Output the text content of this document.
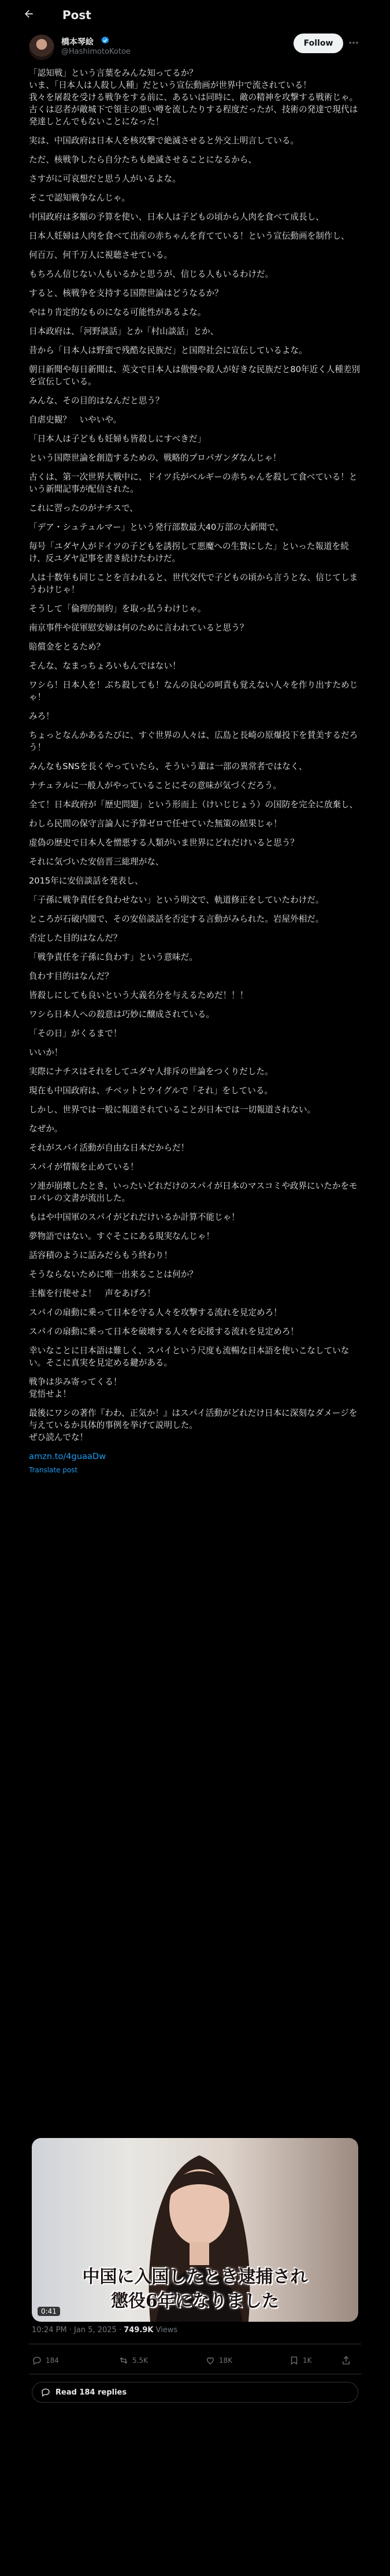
Post
橋本琴絵
@HashimotoKotoe
Follow

「認知戦」という言葉をみんな知ってるか？
いま、「日本人は人殺し人種」だという宣伝動画が世界中で流されている！
我々を屠殺を受ける戦争をする前に、あるいは同時に、敵の精神を攻撃する戦術じゃ。
古くは忍者が敵城下で領主の悪い噂を流したりする程度だったが、技術の発達で現代は発達しとんでもないことになった！

実は、中国政府は日本人を核攻撃で絶滅させると外交上明言している。

ただ、核戦争したら自分たちも絶滅させることになるから、

さすがに可哀想だと思う人がいるよな。

そこで認知戦争なんじゃ。

中国政府は多額の予算を使い、日本人は子どもの頃から人肉を食べて成長し、

日本人妊婦は人肉を食べて出産の赤ちゃんを育てている！という宣伝動画を制作し、

何百万、何千万人に視聴させている。

もちろん信じない人もいるかと思うが、信じる人もいるわけだ。

すると、核戦争を支持する国際世論はどうなるか？

やはり肯定的なものになる可能性があるよな。

日本政府は、「河野談話」とか「村山談話」とか、

昔から「日本人は野蛮で残酷な民族だ」と国際社会に宣伝しているよな。

朝日新聞や毎日新聞は、英文で日本人は傲慢や殺人が好きな民族だと80年近く人種差別を宣伝している。

みんな、その目的はなんだと思う？

自虐史観？　いやいや。

「日本人は子どもも妊婦も皆殺しにすべきだ」

という国際世論を創造するための、戦略的プロパガンダなんじゃ！

古くは、第一次世界大戦中に、ドイツ兵がベルギーの赤ちゃんを殺して食べている！という新聞記事が配信された。

これに習ったのがナチスで、

「デア・シュテュルマー」という発行部数最大40万部の大新聞で、

毎号「ユダヤ人がドイツの子どもを誘拐して悪魔への生贄にした」といった報道を続け、反ユダヤ記事を書き続けたわけだ。

人は十数年も同じことを言われると、世代交代で子どもの頃から言うとな、信じてしまうわけじゃ！

そうして「倫理的制約」を取っ払うわけじゃ。

南京事件や従軍慰安婦は何のために言われていると思う？

賠償金をとるため？

そんな、なまっちょろいもんではない！

ワシら！日本人を！ぶち殺しても！なんの良心の呵責も覚えない人々を作り出すためじゃ！

みろ！

ちょっとなんかあるたびに、すぐ世界の人々は、広島と長崎の原爆投下を賛美するだろう！

みんなもSNSを長くやっていたら、そういう輩は一部の異常者ではなく、

ナチュラルに一般人がやっていることにその意味が気づくだろう。

全て！日本政府が「歴史問題」という形而上（けいじじょう）の国防を完全に放棄し、

わしら民間の保守言論人に予算ゼロで任せていた無策の結果じゃ！

虚偽の歴史で日本人を憎悪する人類がいま世界にどれだけいると思う？

それに気づいた安倍晋三総理がな、

2015年に安倍談話を発表し、

「子孫に戦争責任を負わせない」という明文で、軌道修正をしていたわけだ。

ところが石破内閣で、その安倍談話を否定する言動がみられた。岩屋外相だ。

否定した目的はなんだ？

「戦争責任を子孫に負わす」という意味だ。

負わす目的はなんだ？

皆殺しにしても良いという大義名分を与えるためだ！！！

ワシら日本人への殺意は巧妙に醸成されている。

「その日」がくるまで！

いいか！

実際にナチスはそれをしてユダヤ人排斥の世論をつくりだした。

現在も中国政府は、チベットとウイグルで「それ」をしている。

しかし、世界では一般に報道されていることが日本では一切報道されない。

なぜか。

それがスパイ活動が自由な日本だからだ！

スパイが情報を止めている！

ソ連が崩壊したとき、いったいどれだけのスパイが日本のマスコミや政界にいたかをモロパレの文書が流出した。

もはや中国軍のスパイがどれだけいるか計算不能じゃ！

夢物語ではない。すぐそこにある現実なんじゃ！

話容積のように話みだらもう終わり！

そうならないために唯一出来ることは何か？

主権を行使せよ！　声をあげろ！

スパイの扇動に乗って日本を守る人々を攻撃する流れを見定めろ！

スパイの扇動に乗って日本を破壊する人々を応援する流れを見定めろ！

幸いなことに日本語は難しく、スパイという尺度も流暢な日本語を使いこなしていない。そこに真実を見定める鍵がある。

戦争は歩み寄ってくる！
覚悟せよ！

最後にワシの著作『わわ、正気か！』はスパイ活動がどれだけ日本に深刻なダメージを与えているか具体的事例を挙げて説明した。
ぜひ読んでな！

amzn.to/4guaaDw
Translate post
中国に入国したとき逮捕され
懲役6年になりました
0:41
10:24 PM · Jan 5, 2025 · 749.9K Views
184	5.5K	18K	1K
Read 184 replies
